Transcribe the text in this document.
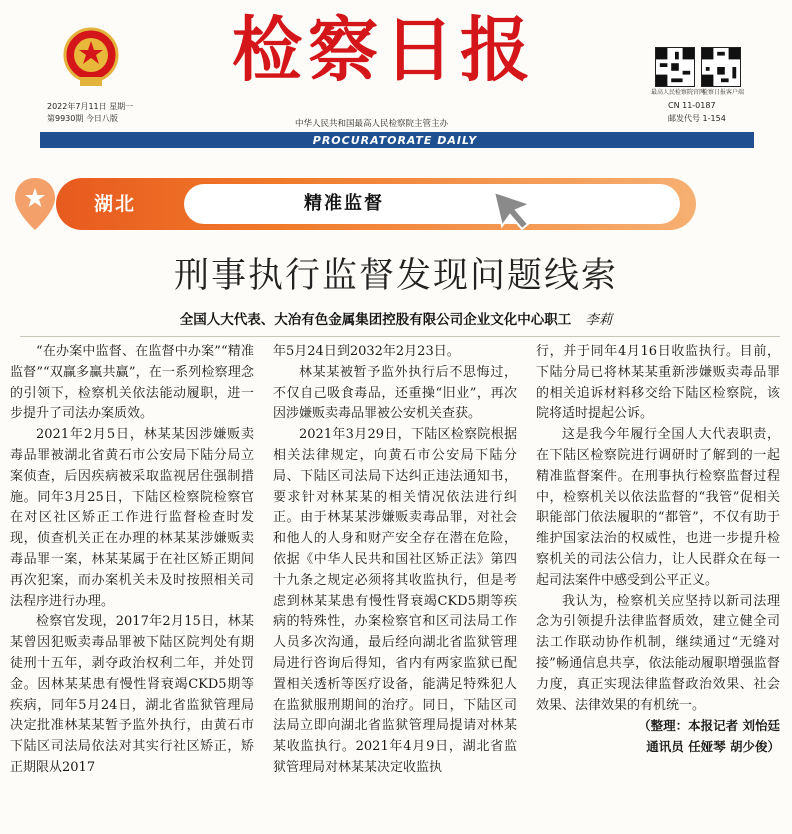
检察日报
最高人民检察院官网
检察日报客户端
2022年7月11日 星期一
第9930期 今日八版
CN 11-0187
邮发代号 1-154
中华人民共和国最高人民检察院主管主办
PROCURATORATE DAILY
湖北	精准监督
刑事执行监督发现问题线索
全国人大代表、大冶有色金属集团控股有限公司企业文化中心职工 李莉

“在办案中监督、在监督中办案”“精准监督”“双赢多赢共赢”，在一系列检察理念的引领下，检察机关依法能动履职，进一步提升了司法办案质效。

2021年2月5日，林某某因涉嫌贩卖毒品罪被湖北省黄石市公安局下陆分局立案侦查，后因疾病被采取监视居住强制措施。同年3月25日，下陆区检察院检察官在对区社区矫正工作进行监督检查时发现，侦查机关正在办理的林某某涉嫌贩卖毒品罪一案，林某某属于在社区矫正期间再次犯案，而办案机关未及时按照相关司法程序进行办理。

检察官发现，2017年2月15日，林某某曾因犯贩卖毒品罪被下陆区院判处有期徒刑十五年，剥夺政治权利二年，并处罚金。因林某某患有慢性肾衰竭CKD5期等疾病，同年5月24日，湖北省监狱管理局决定批准林某某暂予监外执行，由黄石市下陆区司法局依法对其实行社区矫正，矫正期限从2017

年5月24日到2032年2月23日。

林某某被暂予监外执行后不思悔过，不仅自己吸食毒品，还重操“旧业”，再次因涉嫌贩卖毒品罪被公安机关查获。

2021年3月29日，下陆区检察院根据相关法律规定，向黄石市公安局下陆分局、下陆区司法局下达纠正违法通知书，要求针对林某某的相关情况依法进行纠正。由于林某某涉嫌贩卖毒品罪，对社会和他人的人身和财产安全存在潜在危险，依据《中华人民共和国社区矫正法》第四十九条之规定必须将其收监执行，但是考虑到林某某患有慢性肾衰竭CKD5期等疾病的特殊性，办案检察官和区司法局工作人员多次沟通，最后经向湖北省监狱管理局进行咨询后得知，省内有两家监狱已配置相关透析等医疗设备，能满足特殊犯人在监狱服刑期间的治疗。同日，下陆区司法局立即向湖北省监狱管理局提请对林某某收监执行。2021年4月9日，湖北省监狱管理局对林某某决定收监执

行，并于同年4月16日收监执行。目前，下陆分局已将林某某重新涉嫌贩卖毒品罪的相关追诉材料移交给下陆区检察院，该院将适时提起公诉。

这是我今年履行全国人大代表职责，在下陆区检察院进行调研时了解到的一起精准监督案件。在刑事执行检察监督过程中，检察机关以依法监督的“我管”促相关职能部门依法履职的“都管”，不仅有助于维护国家法治的权威性，也进一步提升检察机关的司法公信力，让人民群众在每一起司法案件中感受到公平正义。

我认为，检察机关应坚持以新司法理念为引领提升法律监督质效，建立健全司法工作联动协作机制，继续通过“无缝对接”畅通信息共享，依法能动履职增强监督力度，真正实现法律监督政治效果、社会效果、法律效果的有机统一。

（整理：本报记者 刘怡廷
通讯员 任娅琴 胡少俊）
